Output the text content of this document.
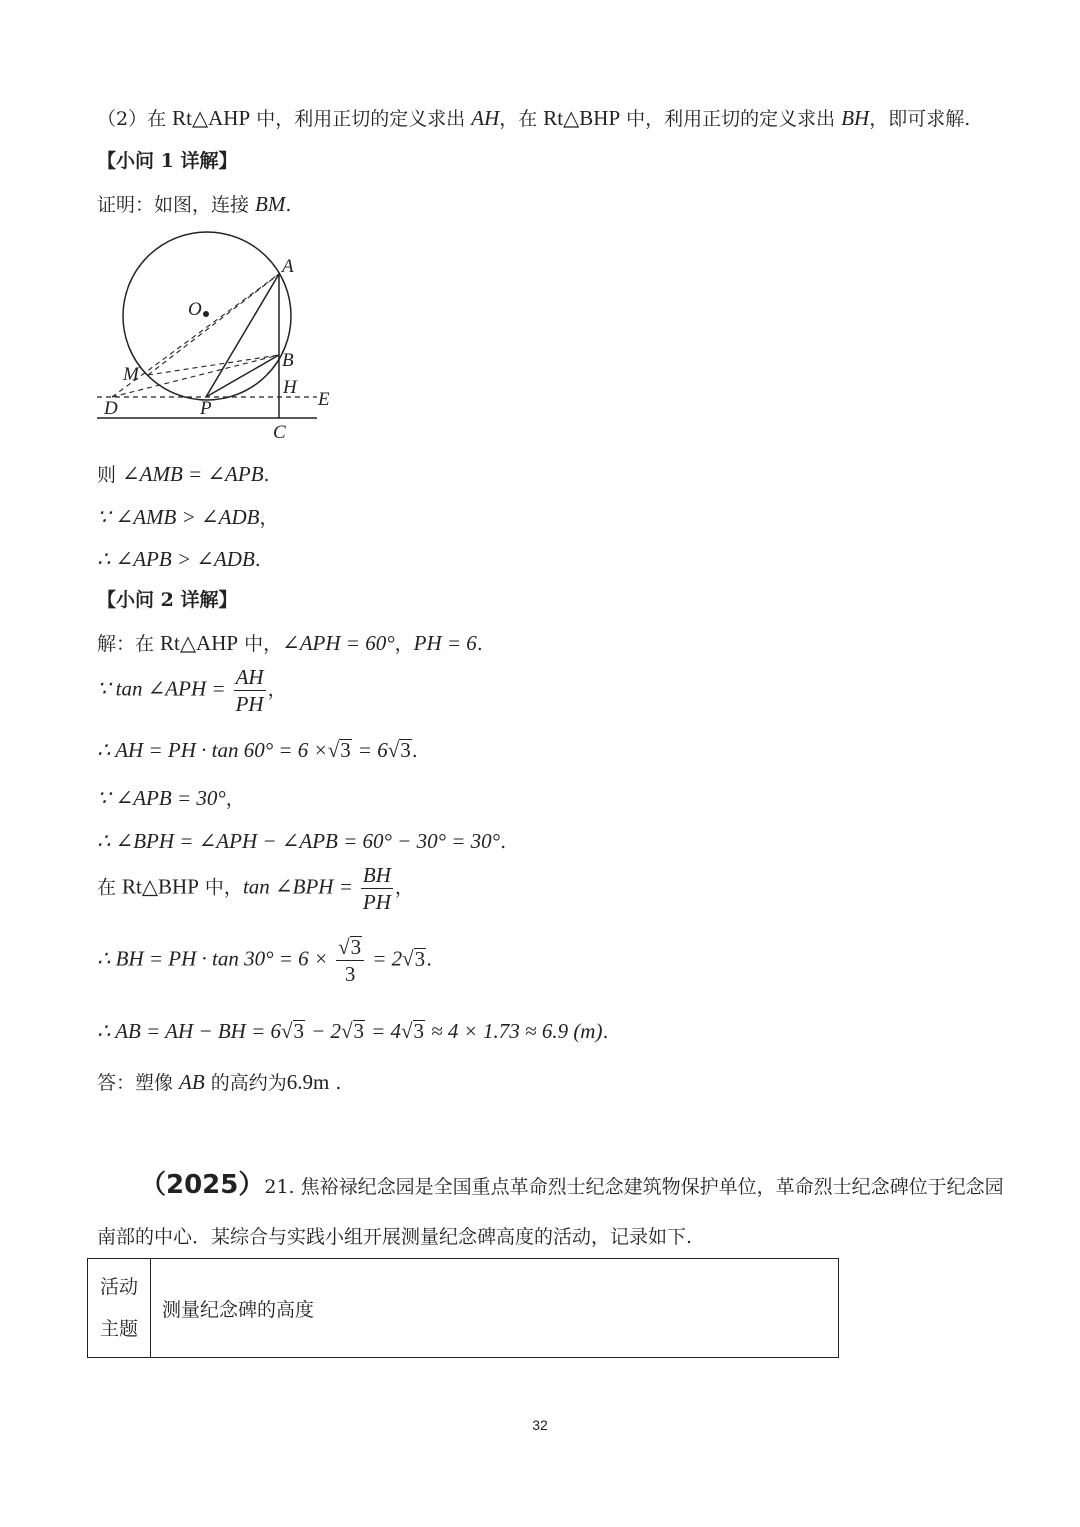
（2）在 Rt△AHP 中，利用正切的定义求出 AH，在 Rt△BHP 中，利用正切的定义求出 BH，即可求解.
【小问 1 详解】
证明：如图，连接 BM.
A
O
B
M
H
D	P	E
C
则 ∠AMB = ∠APB.
∵ ∠AMB > ∠ADB，
∴ ∠APB > ∠ADB.
【小问 2 详解】
解：在 Rt△AHP 中，∠APH = 60°，PH = 6.
∵ tan ∠APH = $\frac{AH}{PH}$ ，
∴ AH = PH · tan 60° = 6 ×√3 = 6√3.
∵ ∠APB = 30°，
∴ ∠BPH = ∠APH − ∠APB = 60° − 30° = 30°.
在 Rt△BHP 中，tan ∠BPH = $\frac{BH}{PH}$ ，
∴ BH = PH · $\tan 30^\circ = 6 \times \frac{√3}{3} = 2√3$.
∴ AB = AH − BH = 6√3 − 2√3 = 4√3 ≈ 4 × 1.73 ≈ 6.9 (m).
答：塑像 AB 的高约为6.9m .
（2025）21. 焦裕禄纪念园是全国重点革命烈士纪念建筑物保护单位，革命烈士纪念碑位于纪念园
南部的中心．某综合与实践小组开展测量纪念碑高度的活动，记录如下.
活动
主题	测量纪念碑的高度
32
